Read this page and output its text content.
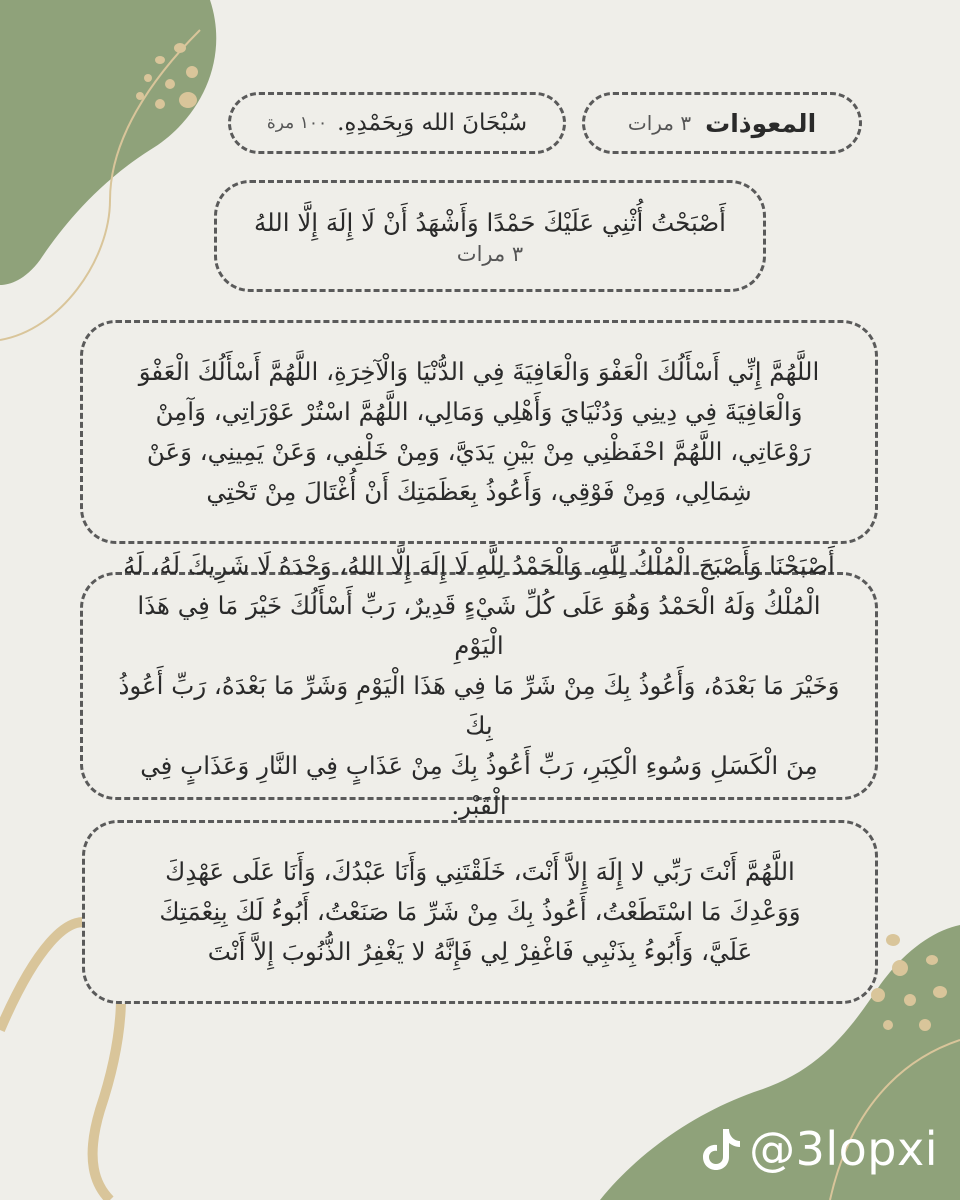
المعوذات
٣ مرات
سُبْحَانَ الله وَبِحَمْدِهِ.
١٠٠ مرة
أَصْبَحْتُ أُثْنِي عَلَيْكَ حَمْدًا وَأَشْهَدُ أَنْ لَا إِلَهَ إِلَّا اللهُ
٣ مرات
اللَّهُمَّ إِنِّي أَسْأَلُكَ الْعَفْوَ وَالْعَافِيَةَ فِي الدُّنْيَا وَالْآخِرَةِ، اللَّهُمَّ أَسْأَلُكَ الْعَفْوَ
وَالْعَافِيَةَ فِي دِينِي وَدُنْيَايَ وَأَهْلِي وَمَالِي، اللَّهُمَّ اسْتُرْ عَوْرَاتِي، وَآمِنْ
رَوْعَاتِي، اللَّهُمَّ احْفَظْنِي مِنْ بَيْنِ يَدَيَّ، وَمِنْ خَلْفِي، وَعَنْ يَمِينِي، وَعَنْ
شِمَالِي، وَمِنْ فَوْقِي، وَأَعُوذُ بِعَظَمَتِكَ أَنْ أُغْتَالَ مِنْ تَحْتِي
أَصْبَحْنَا وَأَصْبَحَ الْمُلْكُ لِلَّهِ، وَالْحَمْدُ لِلَّهِ لَا إِلَهَ إِلَّا اللهُ، وَحْدَهُ لَا شَرِيكَ لَهُ، لَهُ
الْمُلْكُ وَلَهُ الْحَمْدُ وَهُوَ عَلَى كُلِّ شَيْءٍ قَدِيرٌ، رَبِّ أَسْأَلُكَ خَيْرَ مَا فِي هَذَا الْيَوْمِ
وَخَيْرَ مَا بَعْدَهُ، وَأَعُوذُ بِكَ مِنْ شَرِّ مَا فِي هَذَا الْيَوْمِ وَشَرِّ مَا بَعْدَهُ، رَبِّ أَعُوذُ بِكَ
مِنَ الْكَسَلِ وَسُوءِ الْكِبَرِ، رَبِّ أَعُوذُ بِكَ مِنْ عَذَابٍ فِي النَّارِ وَعَذَابٍ فِي الْقَبْرِ.
اللَّهُمَّ أَنْتَ رَبِّي لا إِلَهَ إِلاَّ أَنْتَ، خَلَقْتَنِي وَأَنَا عَبْدُكَ، وَأَنَا عَلَى عَهْدِكَ
وَوَعْدِكَ مَا اسْتَطَعْتُ، أَعُوذُ بِكَ مِنْ شَرِّ مَا صَنَعْتُ، أَبُوءُ لَكَ بِنِعْمَتِكَ
عَلَيَّ، وَأَبُوءُ بِذَنْبِي فَاغْفِرْ لِي فَإِنَّهُ لا يَغْفِرُ الذُّنُوبَ إِلاَّ أَنْتَ
@3lopxi
